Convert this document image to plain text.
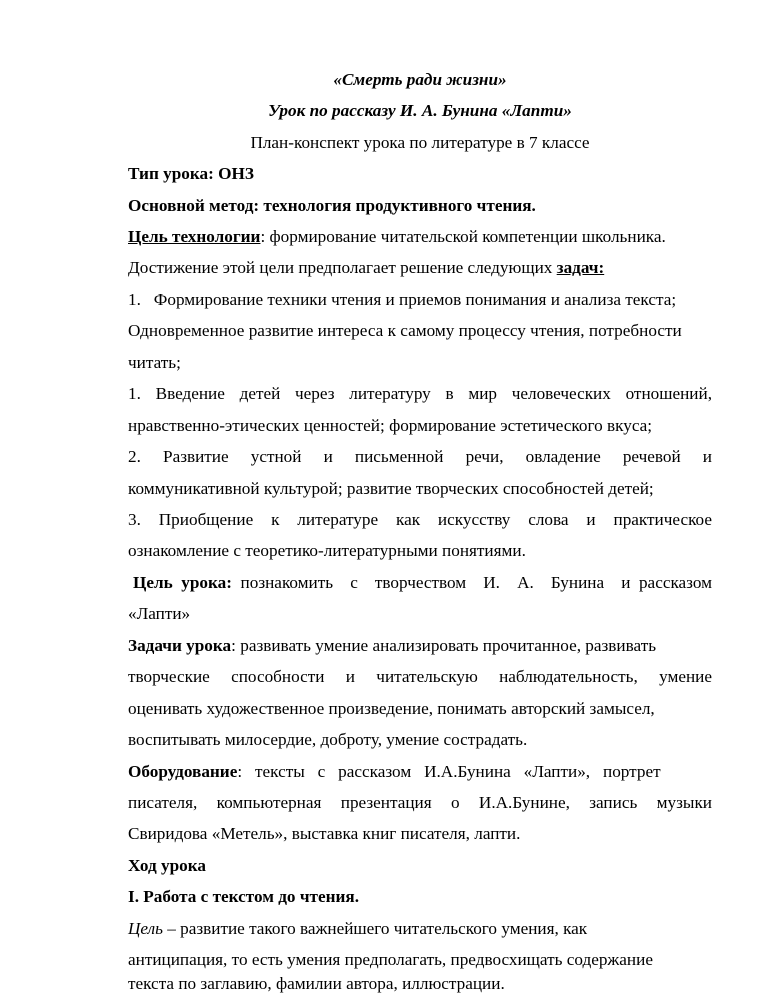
«Смерть ради жизни»
Урок по рассказу И. А. Бунина «Лапти»
План-конспект урока по литературе в 7 классе
Тип урока: ОНЗ
Основной метод: технология продуктивного чтения.
Цель технологии: формирование читательской компетенции школьника.
Достижение этой цели предполагает решение следующих задач:
1.   Формирование техники чтения и приемов понимания и анализа текста;
Одновременное развитие интереса к самому процессу чтения, потребности
читать;
1. Введение детей через литературу в мир человеческих отношений,
нравственно-этических ценностей; формирование эстетического вкуса;
2. Развитие устной и письменной речи, овладение речевой и
коммуникативной культурой; развитие творческих способностей детей;
3. Приобщение к литературе как искусству слова и практическое
ознакомление с теоретико-литературными понятиями.
Цель урока: познакомить  с  творчеством  И.  А.  Бунина  и рассказом
«Лапти»
Задачи урока: развивать умение анализировать прочитанное, развивать
творческие способности и читательскую наблюдательность, умение
оценивать художественное произведение, понимать авторский замысел,
воспитывать милосердие, доброту, умение сострадать.
Оборудование:   тексты   с   рассказом   И.А.Бунина   «Лапти»,   портрет
писателя, компьютерная презентация о И.А.Бунине, запись музыки
Свиридова «Метель», выставка книг писателя, лапти.
Ход урока
I. Работа с текстом до чтения.
Цель – развитие такого важнейшего читательского умения, как
антиципация, то есть умения предполагать, предвосхищать содержание
текста по заглавию, фамилии автора, иллюстрации.
